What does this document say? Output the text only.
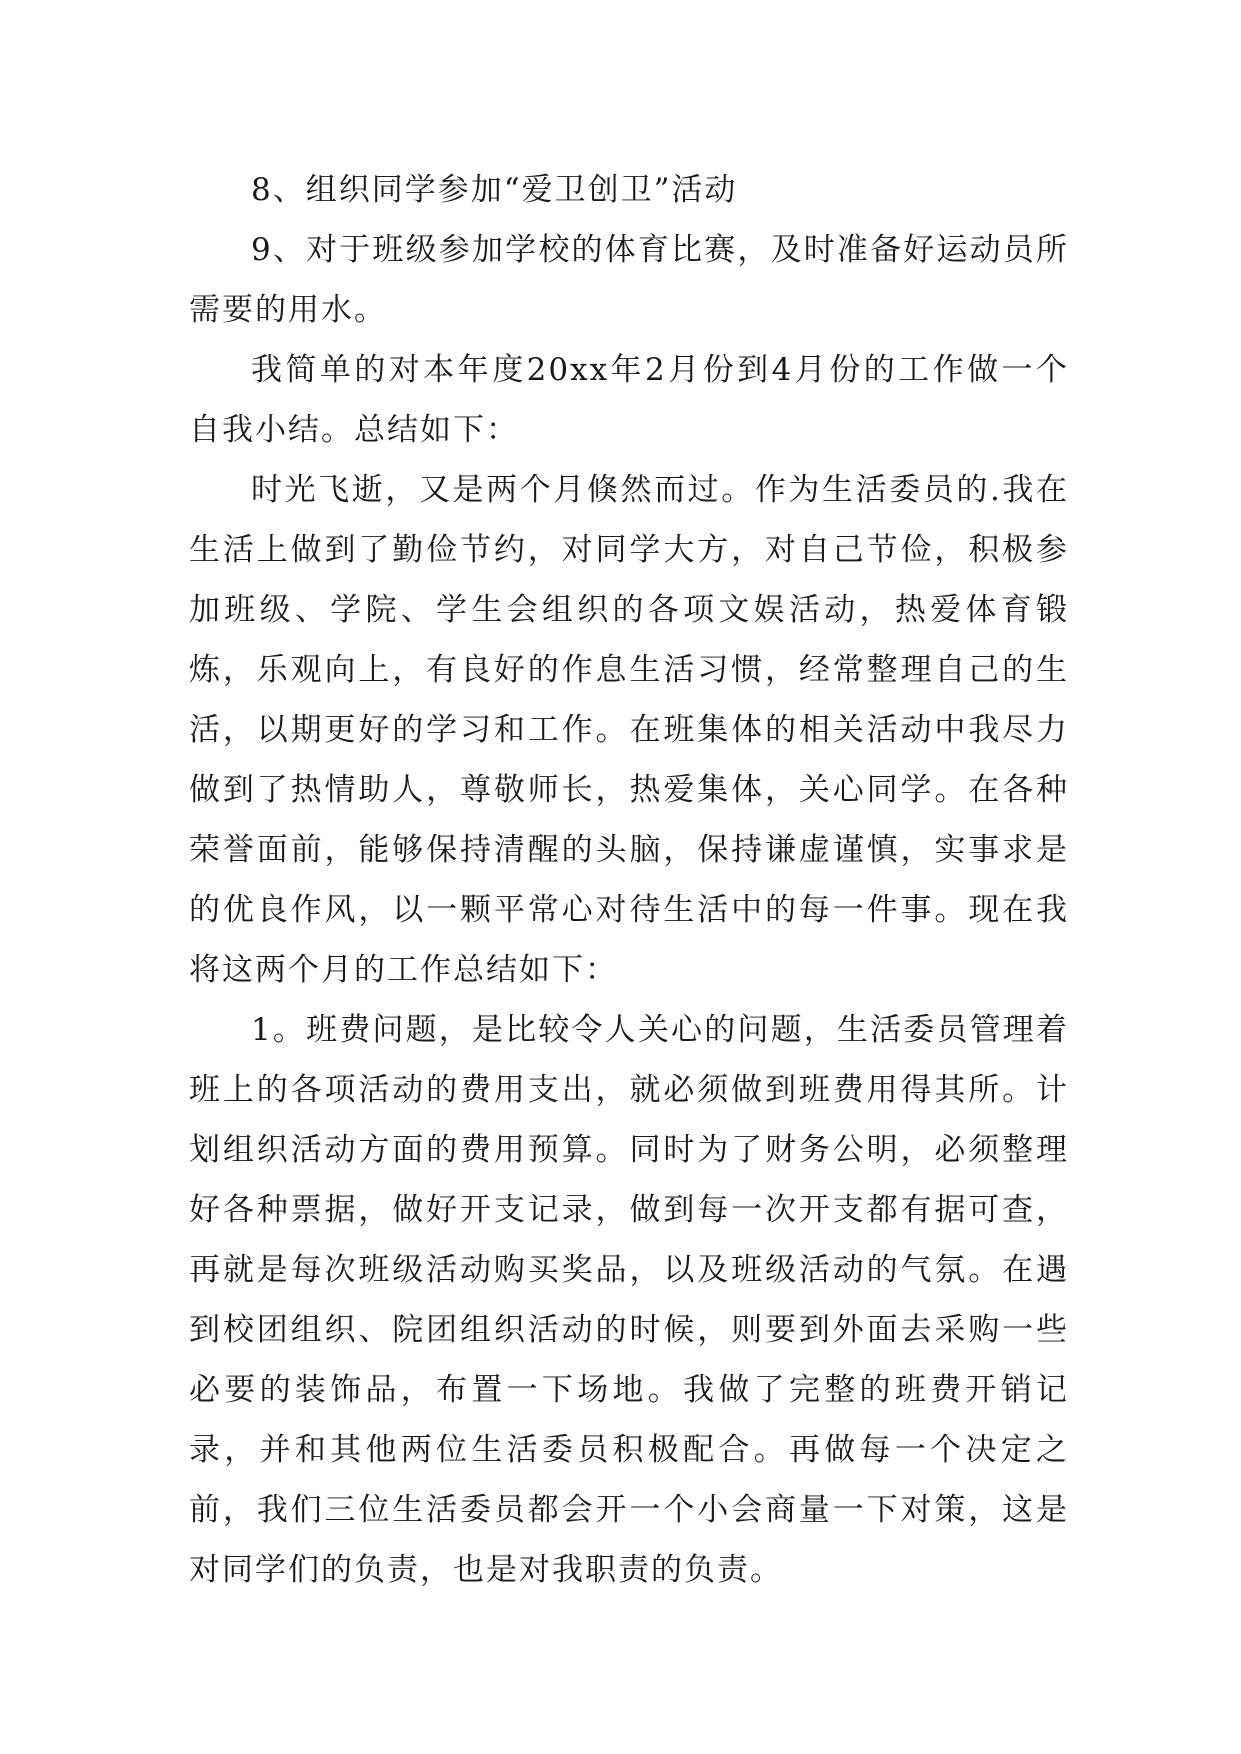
8、组织同学参加“爱卫创卫”活动

9、对于班级参加学校的体育比赛，及时准备好运动员所需要的用水。

我简单的对本年度20xx年2月份到4月份的工作做一个自我小结。总结如下：

时光飞逝，又是两个月倏然而过。作为生活委员的.我在生活上做到了勤俭节约，对同学大方，对自己节俭，积极参加班级、学院、学生会组织的各项文娱活动，热爱体育锻炼，乐观向上，有良好的作息生活习惯，经常整理自己的生活，以期更好的学习和工作。在班集体的相关活动中我尽力做到了热情助人，尊敬师长，热爱集体，关心同学。在各种荣誉面前，能够保持清醒的头脑，保持谦虚谨慎，实事求是的优良作风，以一颗平常心对待生活中的每一件事。现在我将这两个月的工作总结如下：

1。班费问题，是比较令人关心的问题，生活委员管理着班上的各项活动的费用支出，就必须做到班费用得其所。计划组织活动方面的费用预算。同时为了财务公明，必须整理好各种票据，做好开支记录，做到每一次开支都有据可查，再就是每次班级活动购买奖品，以及班级活动的气氛。在遇到校团组织、院团组织活动的时候，则要到外面去采购一些必要的装饰品，布置一下场地。我做了完整的班费开销记录，并和其他两位生活委员积极配合。再做每一个决定之前，我们三位生活委员都会开一个小会商量一下对策，这是对同学们的负责，也是对我职责的负责。
